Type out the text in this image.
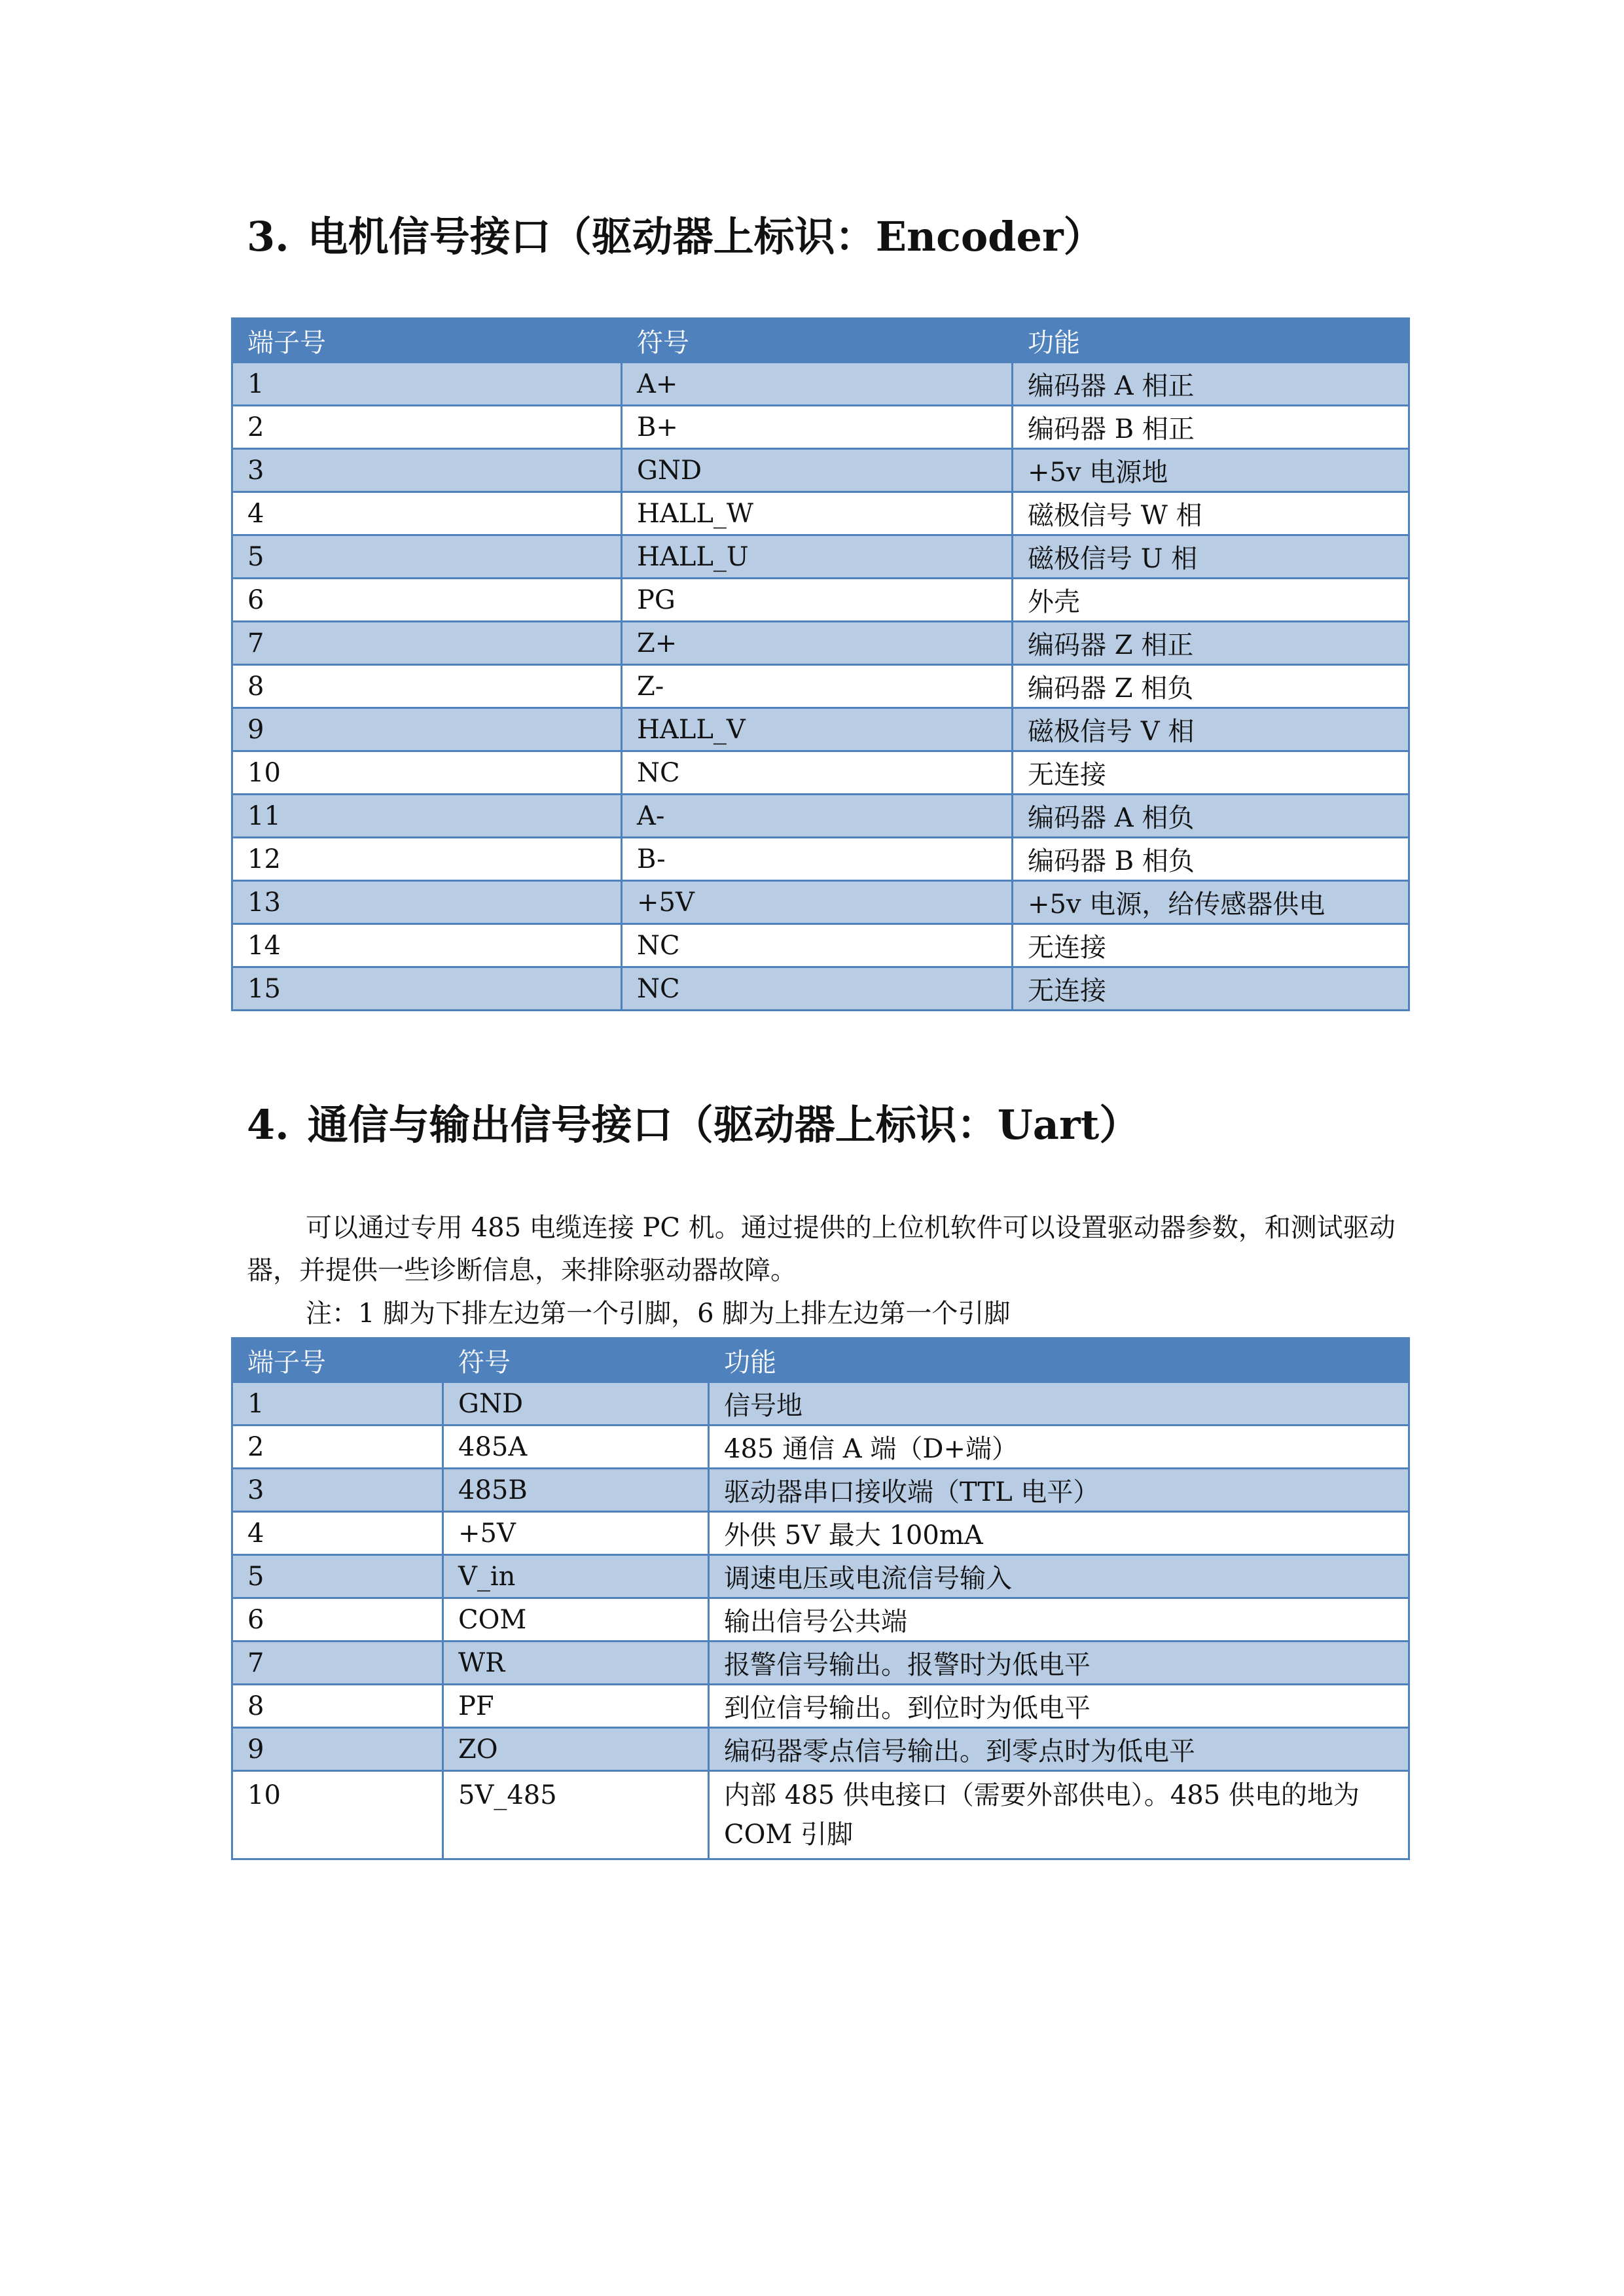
3. 电机信号接口（驱动器上标识：Encoder）
端子号	符号	功能
1	A+	编码器 A 相正
2	B+	编码器 B 相正
3	GND	+5v 电源地
4	HALL_W	磁极信号 W 相
5	HALL_U	磁极信号 U 相
6	PG	外壳
7	Z+	编码器 Z 相正
8	Z-	编码器 Z 相负
9	HALL_V	磁极信号 V 相
10	NC	无连接
11	A-	编码器 A 相负
12	B-	编码器 B 相负
13	+5V	+5v 电源，给传感器供电
14	NC	无连接
15	NC	无连接
4. 通信与输出信号接口（驱动器上标识：Uart）

可以通过专用 485 电缆连接 PC 机。通过提供的上位机软件可以设置驱动器参数，和测试驱动器，并提供一些诊断信息，来排除驱动器故障。

注：1 脚为下排左边第一个引脚，6 脚为上排左边第一个引脚

端子号	符号	功能
1	GND	信号地
2	485A	485 通信 A 端（D+端）
3	485B	驱动器串口接收端（TTL 电平）
4	+5V	外供 5V 最大 100mA
5	V_in	调速电压或电流信号输入
6	COM	输出信号公共端
7	WR	报警信号输出。报警时为低电平
8	PF	到位信号输出。到位时为低电平
9	ZO	编码器零点信号输出。到零点时为低电平
10	5V_485	内部 485 供电接口（需要外部供电）。485 供电的地为 COM 引脚
